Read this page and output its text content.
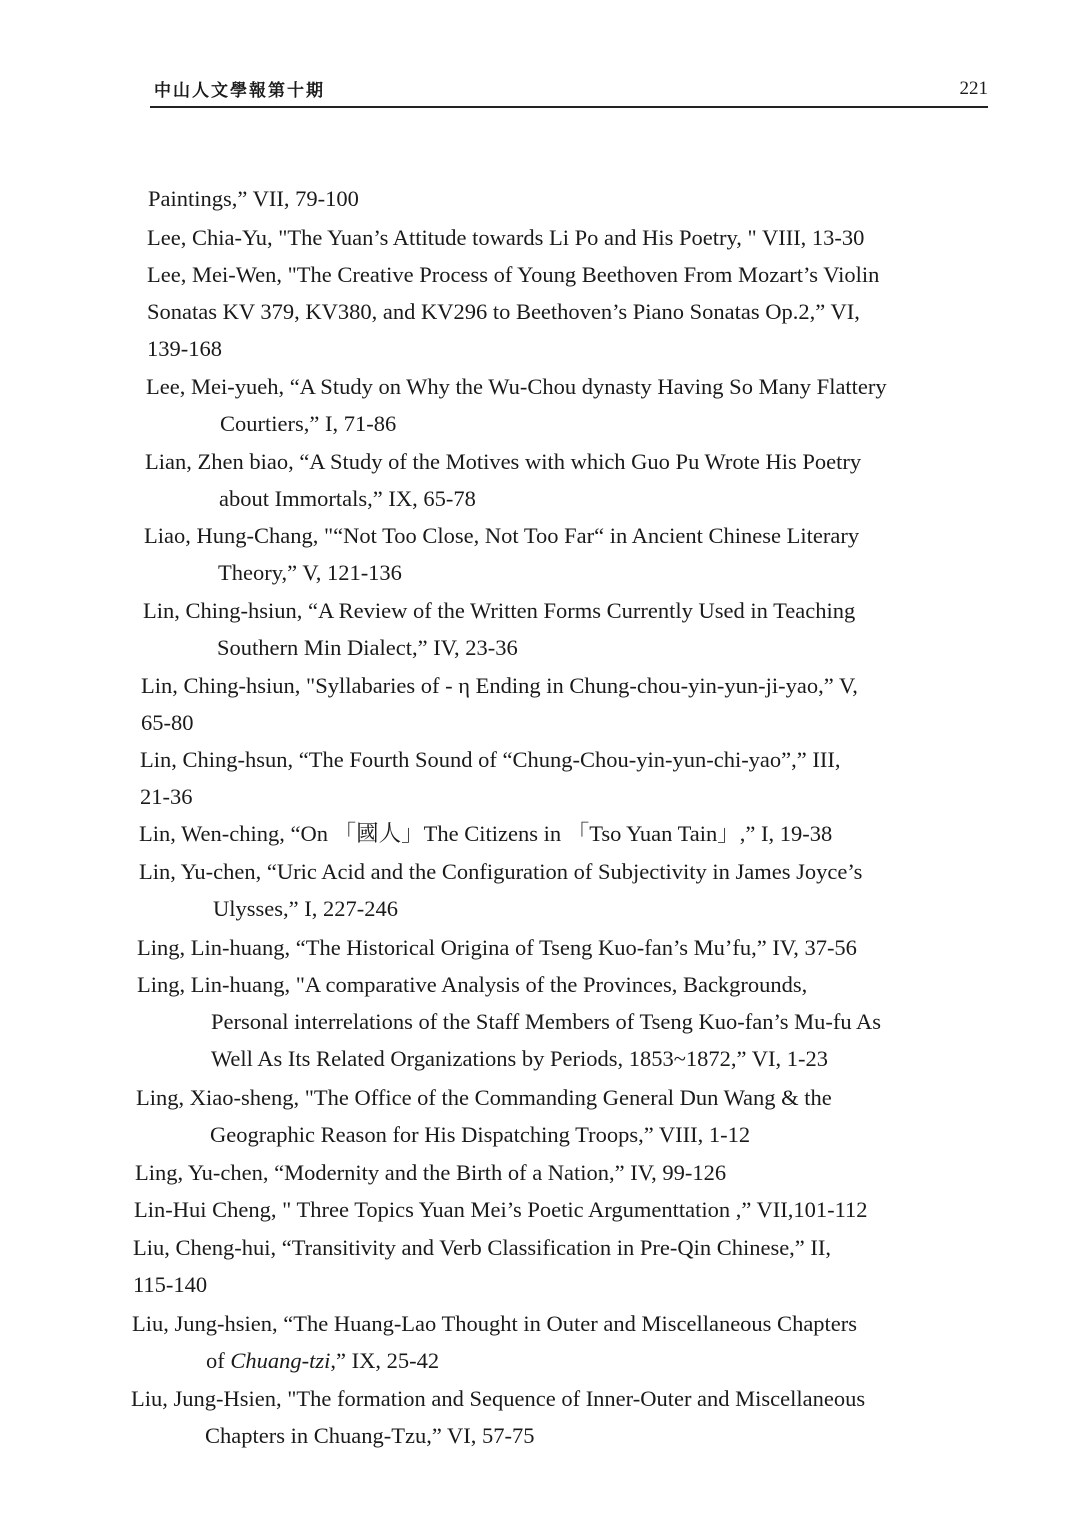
中山人文學報第十期	221
Paintings,” VII, 79-100
Lee, Chia-Yu, "The Yuan’s Attitude towards Li Po and His Poetry, " VIII, 13-30
Lee, Mei-Wen, "The Creative Process of Young Beethoven From Mozart’s Violin
Sonatas KV 379, KV380, and KV296 to Beethoven’s Piano Sonatas Op.2,” VI,
139-168
Lee, Mei-yueh, “A Study on Why the Wu-Chou dynasty Having So Many Flattery
Courtiers,” I, 71-86
Lian, Zhen biao, “A Study of the Motives with which Guo Pu Wrote His Poetry
about Immortals,” IX, 65-78
Liao, Hung-Chang, "“Not Too Close, Not Too Far“ in Ancient Chinese Literary
Theory,” V, 121-136
Lin, Ching-hsiun, “A Review of the Written Forms Currently Used in Teaching
Southern Min Dialect,” IV, 23-36
Lin, Ching-hsiun, "Syllabaries of - η Ending in Chung-chou-yin-yun-ji-yao,” V,
65-80
Lin, Ching-hsun, “The Fourth Sound of “Chung-Chou-yin-yun-chi-yao”,” III,
21-36
Lin, Wen-ching, “On 「國人」The Citizens in 「Tso Yuan Tain」,” I, 19-38
Lin, Yu-chen, “Uric Acid and the Configuration of Subjectivity in James Joyce’s
Ulysses,” I, 227-246
Ling, Lin-huang, “The Historical Origina of Tseng Kuo-fan’s Mu’fu,” IV, 37-56
Ling, Lin-huang, "A comparative Analysis of the Provinces, Backgrounds,
Personal interrelations of the Staff Members of Tseng Kuo-fan’s Mu-fu As
Well As Its Related Organizations by Periods, 1853~1872,” VI, 1-23
Ling, Xiao-sheng, "The Office of the Commanding General Dun Wang & the
Geographic Reason for His Dispatching Troops,” VIII, 1-12
Ling, Yu-chen, “Modernity and the Birth of a Nation,” IV, 99-126
Lin-Hui Cheng, " Three Topics Yuan Mei’s Poetic Argumenttation ,” VII,101-112
Liu, Cheng-hui, “Transitivity and Verb Classification in Pre-Qin Chinese,” II,
115-140
Liu, Jung-hsien, “The Huang-Lao Thought in Outer and Miscellaneous Chapters
of Chuang-tzi,” IX, 25-42
Liu, Jung-Hsien, "The formation and Sequence of Inner-Outer and Miscellaneous
Chapters in Chuang-Tzu,” VI, 57-75
